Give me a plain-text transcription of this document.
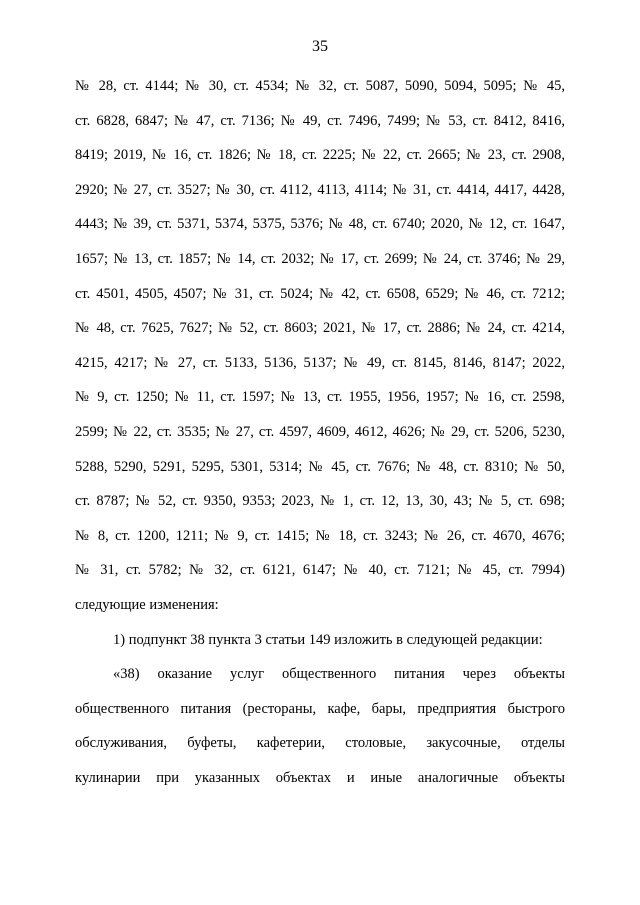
35
№ 28, ст. 4144; № 30, ст. 4534; № 32, ст. 5087, 5090, 5094, 5095; № 45,
ст. 6828, 6847; № 47, ст. 7136; № 49, ст. 7496, 7499; № 53, ст. 8412, 8416,
8419; 2019, № 16, ст. 1826; № 18, ст. 2225; № 22, ст. 2665; № 23, ст. 2908,
2920; № 27, ст. 3527; № 30, ст. 4112, 4113, 4114; № 31, ст. 4414, 4417, 4428,
4443; № 39, ст. 5371, 5374, 5375, 5376; № 48, ст. 6740; 2020, № 12, ст. 1647,
1657; № 13, ст. 1857; № 14, ст. 2032; № 17, ст. 2699; № 24, ст. 3746; № 29,
ст. 4501, 4505, 4507; № 31, ст. 5024; № 42, ст. 6508, 6529; № 46, ст. 7212;
№ 48, ст. 7625, 7627; № 52, ст. 8603; 2021, № 17, ст. 2886; № 24, ст. 4214,
4215, 4217; № 27, ст. 5133, 5136, 5137; № 49, ст. 8145, 8146, 8147; 2022,
№ 9, ст. 1250; № 11, ст. 1597; № 13, ст. 1955, 1956, 1957; № 16, ст. 2598,
2599; № 22, ст. 3535; № 27, ст. 4597, 4609, 4612, 4626; № 29, ст. 5206, 5230,
5288, 5290, 5291, 5295, 5301, 5314; № 45, ст. 7676; № 48, ст. 8310; № 50,
ст. 8787; № 52, ст. 9350, 9353; 2023, № 1, ст. 12, 13, 30, 43; № 5, ст. 698;
№ 8, ст. 1200, 1211; № 9, ст. 1415; № 18, ст. 3243; № 26, ст. 4670, 4676;
№ 31, ст. 5782; № 32, ст. 6121, 6147; № 40, ст. 7121; № 45, ст. 7994)
следующие изменения:
1) подпункт 38 пункта 3 статьи 149 изложить в следующей редакции:
«38) оказание услуг общественного питания через объекты
общественного питания (рестораны, кафе, бары, предприятия быстрого
обслуживания, буфеты, кафетерии, столовые, закусочные, отделы
кулинарии при указанных объектах и иные аналогичные объекты
